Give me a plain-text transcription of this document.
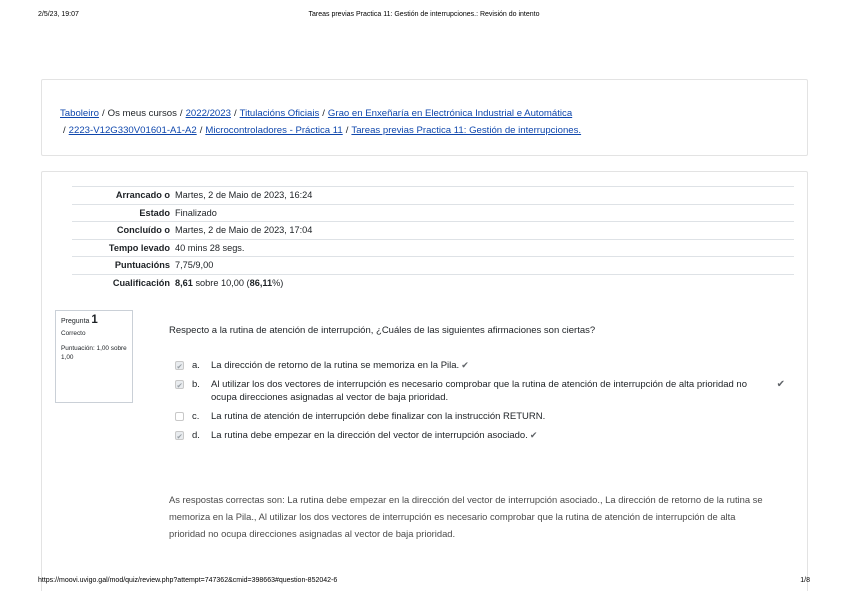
2/5/23, 19:07	Tareas previas Practica 11: Gestión de interrupciones.: Revisión do intento
Taboleiro / Os meus cursos / 2022/2023 / Titulacións Oficiais / Grao en Enxeñaría en Electrónica Industrial e Automática
/ 2223-V12G330V01601-A1-A2 / Microcontroladores - Práctica 11 / Tareas previas Practica 11: Gestión de interrupciones.
Arrancado o	Martes, 2 de Maio de 2023, 16:24
Estado	Finalizado
Concluído o	Martes, 2 de Maio de 2023, 17:04
Tempo levado	40 mins 28 segs.
Puntuacións	7,75/9,00
Cualificación	8,61 sobre 10,00 (86,11%)
Pregunta 1
Correcto
Puntuación: 1,00 sobre 1,00
Respecto a la rutina de atención de interrupción, ¿Cuáles de las siguientes afirmaciones son ciertas?
✔
a. La dirección de retorno de la rutina se memoriza en la Pila. ✔
✔
b. Al utilizar los dos vectores de interrupción es necesario comprobar que la rutina de atención de interrupción de alta prioridad no ocupa direcciones asignadas al vector de baja prioridad.
✔
c. La rutina de atención de interrupción debe finalizar con la instrucción RETURN.
✔
d. La rutina debe empezar en la dirección del vector de interrupción asociado. ✔
As respostas correctas son: La rutina debe empezar en la dirección del vector de interrupción asociado., La dirección de retorno de la rutina se memoriza en la Pila., Al utilizar los dos vectores de interrupción es necesario comprobar que la rutina de atención de interrupción de alta prioridad no ocupa direcciones asignadas al vector de baja prioridad.
https://moovi.uvigo.gal/mod/quiz/review.php?attempt=747362&cmid=398663#question-852042-6	1/8
